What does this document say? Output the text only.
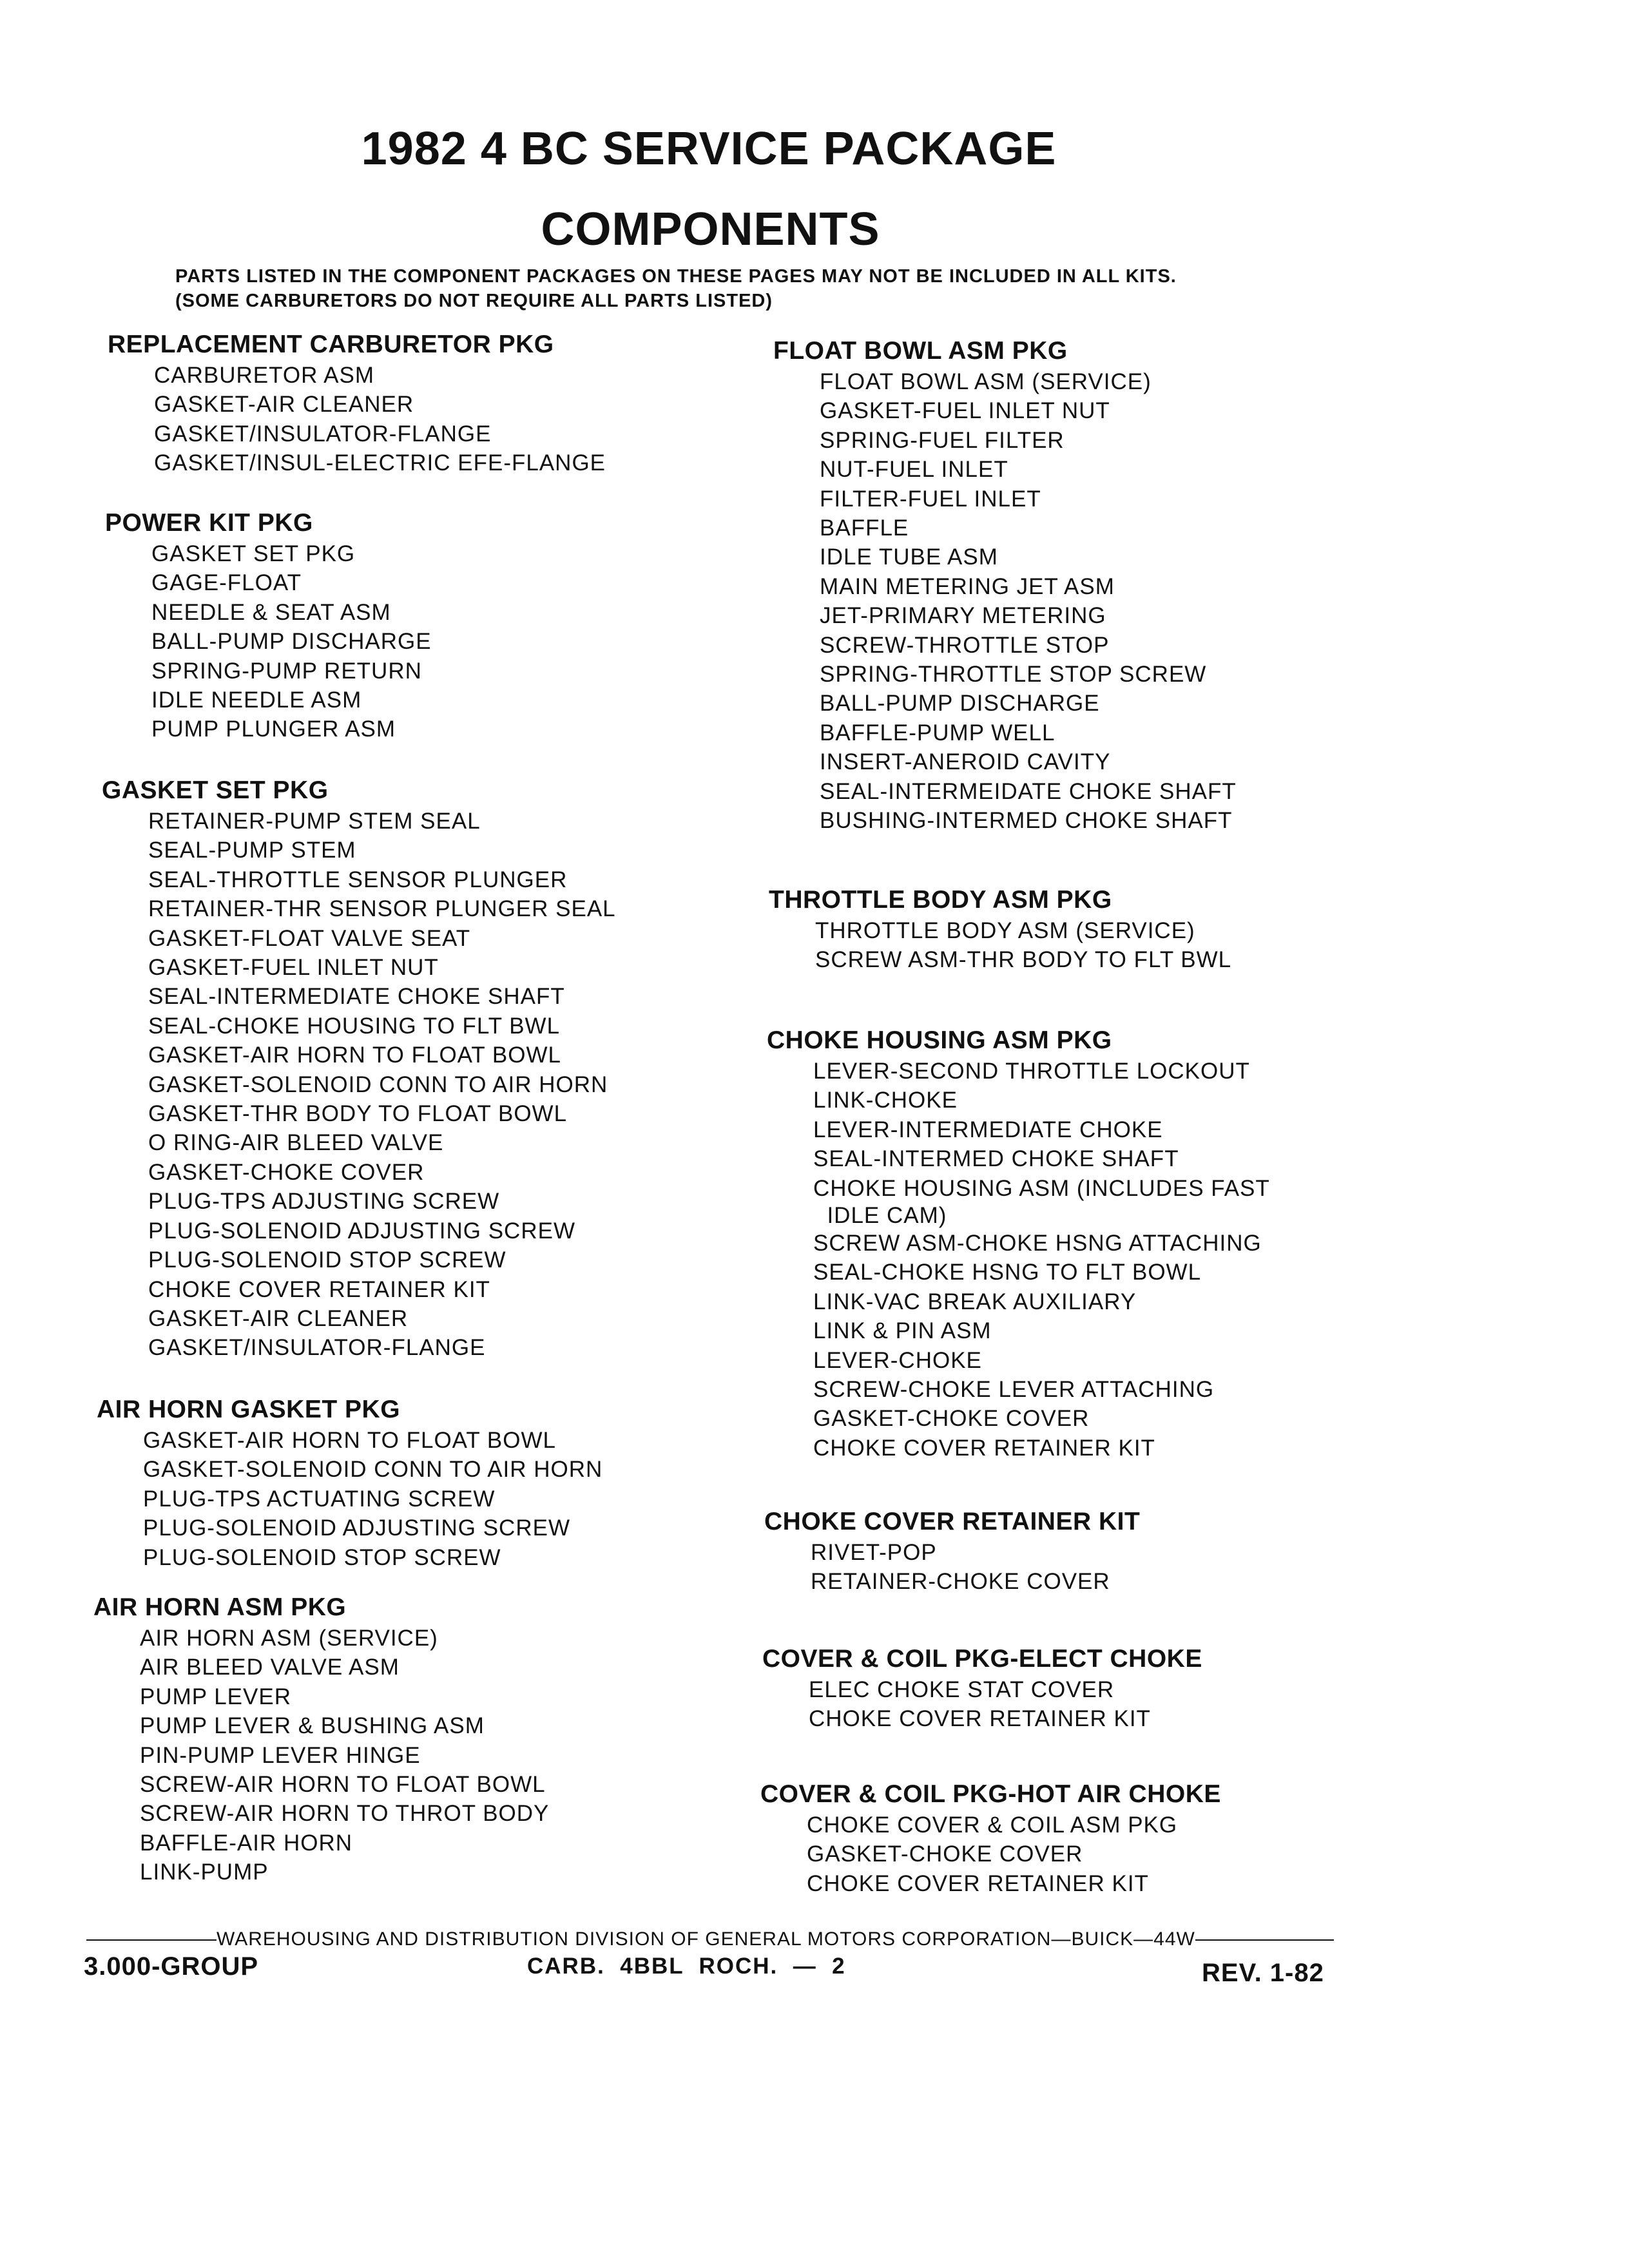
1982 4 BC SERVICE PACKAGE
COMPONENTS
PARTS LISTED IN THE COMPONENT PACKAGES ON THESE PAGES MAY NOT BE INCLUDED IN ALL KITS.
(SOME CARBURETORS DO NOT REQUIRE ALL PARTS LISTED)
REPLACEMENT CARBURETOR PKG
CARBURETOR ASM
GASKET-AIR CLEANER
GASKET/INSULATOR-FLANGE
GASKET/INSUL-ELECTRIC EFE-FLANGE
POWER KIT PKG
GASKET SET PKG
GAGE-FLOAT
NEEDLE & SEAT ASM
BALL-PUMP DISCHARGE
SPRING-PUMP RETURN
IDLE NEEDLE ASM
PUMP PLUNGER ASM
GASKET SET PKG
RETAINER-PUMP STEM SEAL
SEAL-PUMP STEM
SEAL-THROTTLE SENSOR PLUNGER
RETAINER-THR SENSOR PLUNGER SEAL
GASKET-FLOAT VALVE SEAT
GASKET-FUEL INLET NUT
SEAL-INTERMEDIATE CHOKE SHAFT
SEAL-CHOKE HOUSING TO FLT BWL
GASKET-AIR HORN TO FLOAT BOWL
GASKET-SOLENOID CONN TO AIR HORN
GASKET-THR BODY TO FLOAT BOWL
O RING-AIR BLEED VALVE
GASKET-CHOKE COVER
PLUG-TPS ADJUSTING SCREW
PLUG-SOLENOID ADJUSTING SCREW
PLUG-SOLENOID STOP SCREW
CHOKE COVER RETAINER KIT
GASKET-AIR CLEANER
GASKET/INSULATOR-FLANGE
AIR HORN GASKET PKG
GASKET-AIR HORN TO FLOAT BOWL
GASKET-SOLENOID CONN TO AIR HORN
PLUG-TPS ACTUATING SCREW
PLUG-SOLENOID ADJUSTING SCREW
PLUG-SOLENOID STOP SCREW
AIR HORN ASM PKG
AIR HORN ASM (SERVICE)
AIR BLEED VALVE ASM
PUMP LEVER
PUMP LEVER & BUSHING ASM
PIN-PUMP LEVER HINGE
SCREW-AIR HORN TO FLOAT BOWL
SCREW-AIR HORN TO THROT BODY
BAFFLE-AIR HORN
LINK-PUMP
FLOAT BOWL ASM PKG
FLOAT BOWL ASM (SERVICE)
GASKET-FUEL INLET NUT
SPRING-FUEL FILTER
NUT-FUEL INLET
FILTER-FUEL INLET
BAFFLE
IDLE TUBE ASM
MAIN METERING JET ASM
JET-PRIMARY METERING
SCREW-THROTTLE STOP
SPRING-THROTTLE STOP SCREW
BALL-PUMP DISCHARGE
BAFFLE-PUMP WELL
INSERT-ANEROID CAVITY
SEAL-INTERMEIDATE CHOKE SHAFT
BUSHING-INTERMED CHOKE SHAFT
THROTTLE BODY ASM PKG
THROTTLE BODY ASM (SERVICE)
SCREW ASM-THR BODY TO FLT BWL
CHOKE HOUSING ASM PKG
LEVER-SECOND THROTTLE LOCKOUT
LINK-CHOKE
LEVER-INTERMEDIATE CHOKE
SEAL-INTERMED CHOKE SHAFT
CHOKE HOUSING ASM (INCLUDES FAST
IDLE CAM)
SCREW ASM-CHOKE HSNG ATTACHING
SEAL-CHOKE HSNG TO FLT BOWL
LINK-VAC BREAK AUXILIARY
LINK & PIN ASM
LEVER-CHOKE
SCREW-CHOKE LEVER ATTACHING
GASKET-CHOKE COVER
CHOKE COVER RETAINER KIT
CHOKE COVER RETAINER KIT
RIVET-POP
RETAINER-CHOKE COVER
COVER & COIL PKG-ELECT CHOKE
ELEC CHOKE STAT COVER
CHOKE COVER RETAINER KIT
COVER & COIL PKG-HOT AIR CHOKE
CHOKE COVER & COIL ASM PKG
GASKET-CHOKE COVER
CHOKE COVER RETAINER KIT
WAREHOUSING AND DISTRIBUTION DIVISION OF GENERAL MOTORS CORPORATION—BUICK—44W
3.000-GROUP	CARB.  4BBL  ROCH.  —  2	REV. 1-82
